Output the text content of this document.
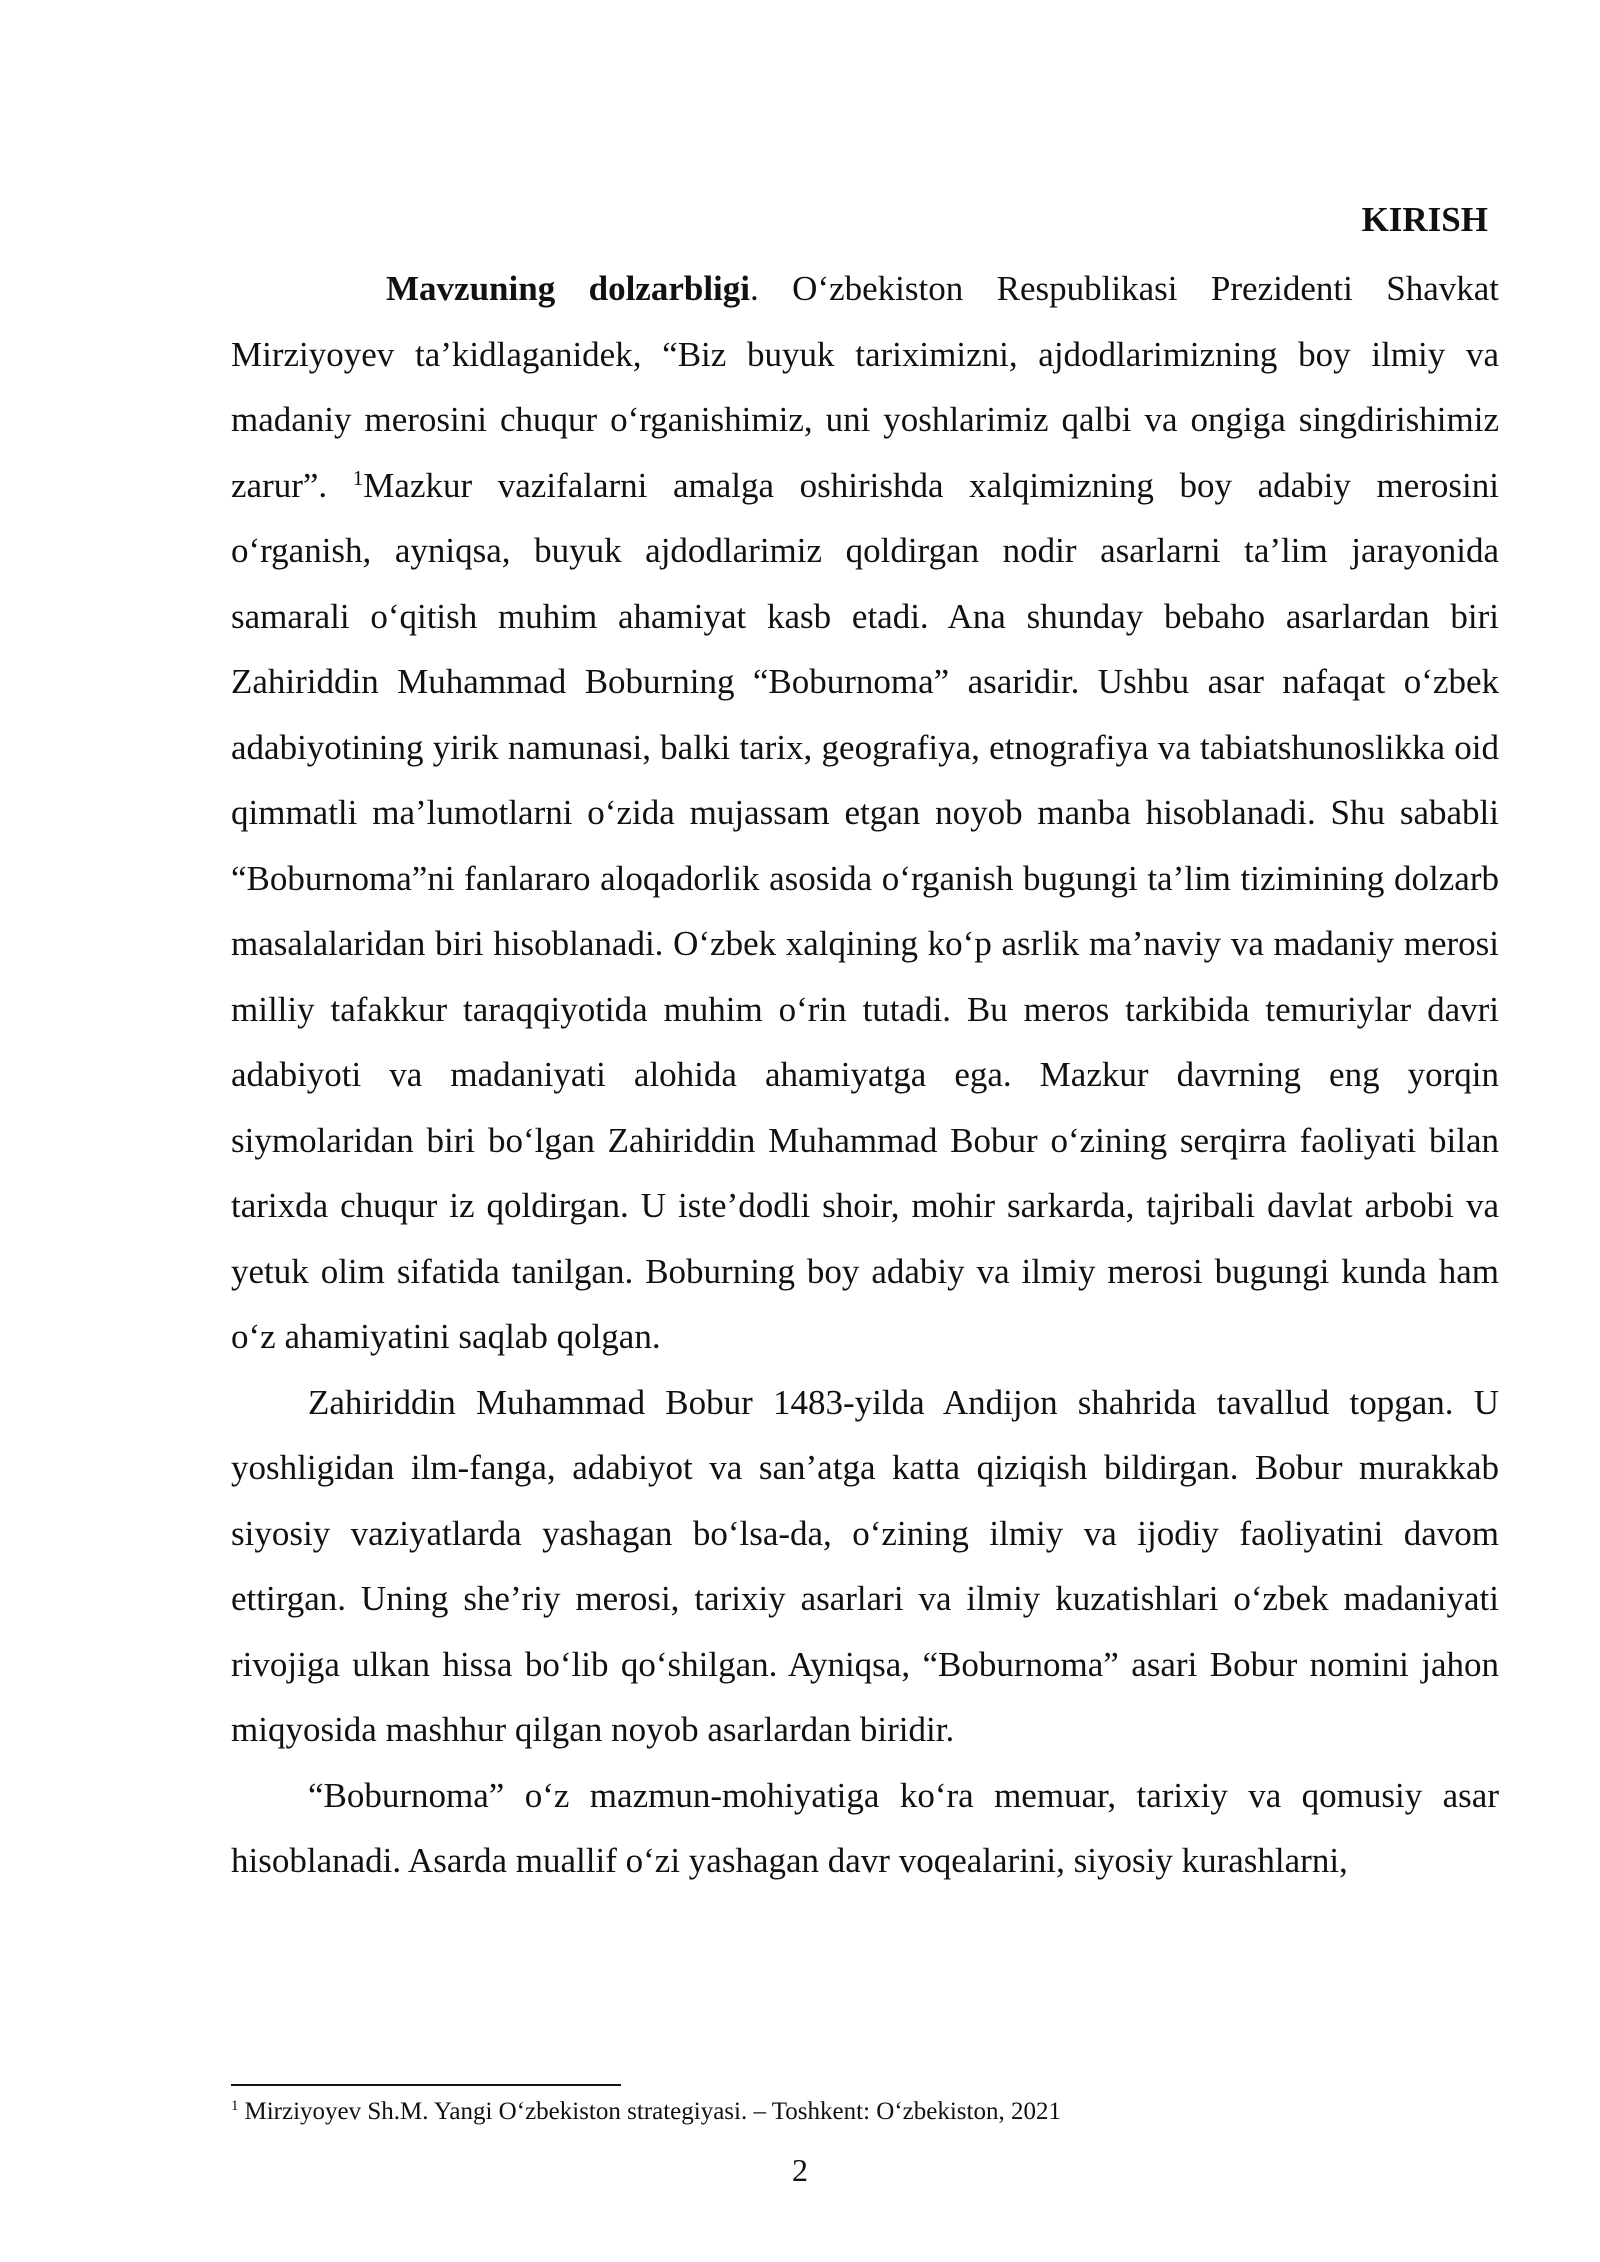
KIRISH

Mavzuning dolzarbligi. O‘zbekiston Respublikasi Prezidenti Shavkat Mirziyoyev ta’kidlaganidek, “Biz buyuk tariximizni, ajdodlarimizning boy ilmiy va madaniy merosini chuqur o‘rganishimiz, uni yoshlarimiz qalbi va ongiga singdirishimiz zarur”. $^1$Mazkur vazifalarni amalga oshirishda xalqimizning boy adabiy merosini o‘rganish, ayniqsa, buyuk ajdodlarimiz qoldirgan nodir asarlarni ta’lim jarayonida samarali o‘qitish muhim ahamiyat kasb etadi. Ana shunday bebaho asarlardan biri Zahiriddin Muhammad Boburning “Boburnoma” asaridir. Ushbu asar nafaqat o‘zbek adabiyotining yirik namunasi, balki tarix, geografiya, etnografiya va tabiatshunoslikka oid qimmatli ma’lumotlarni o‘zida mujassam etgan noyob manba hisoblanadi. Shu sababli “Boburnoma”ni fanlararo aloqadorlik asosida o‘rganish bugungi ta’lim tizimining dolzarb masalalaridan biri hisoblanadi. O‘zbek xalqining ko‘p asrlik ma’naviy va madaniy merosi milliy tafakkur taraqqiyotida muhim o‘rin tutadi. Bu meros tarkibida temuriylar davri adabiyoti va madaniyati alohida ahamiyatga ega. Mazkur davrning eng yorqin siymolaridan biri bo‘lgan Zahiriddin Muhammad Bobur o‘zining serqirra faoliyati bilan tarixda chuqur iz qoldirgan. U iste’dodli shoir, mohir sarkarda, tajribali davlat arbobi va yetuk olim sifatida tanilgan. Boburning boy adabiy va ilmiy merosi bugungi kunda ham o‘z ahamiyatini saqlab qolgan.

Zahiriddin Muhammad Bobur 1483-yilda Andijon shahrida tavallud topgan. U yoshligidan ilm-fanga, adabiyot va san’atga katta qiziqish bildirgan. Bobur murakkab siyosiy vaziyatlarda yashagan bo‘lsa-da, o‘zining ilmiy va ijodiy faoliyatini davom ettirgan. Uning she’riy merosi, tarixiy asarlari va ilmiy kuzatishlari o‘zbek madaniyati rivojiga ulkan hissa bo‘lib qo‘shilgan. Ayniqsa, “Boburnoma” asari Bobur nomini jahon miqyosida mashhur qilgan noyob asarlardan biridir.

“Boburnoma” o‘z mazmun-mohiyatiga ko‘ra memuar, tarixiy va qomusiy asar hisoblanadi. Asarda muallif o‘zi yashagan davr voqealarini, siyosiy kurashlarni,

$^1$ Mirziyoyev Sh.M. Yangi O‘zbekiston strategiyasi. – Toshkent: O‘zbekiston, 2021
2
